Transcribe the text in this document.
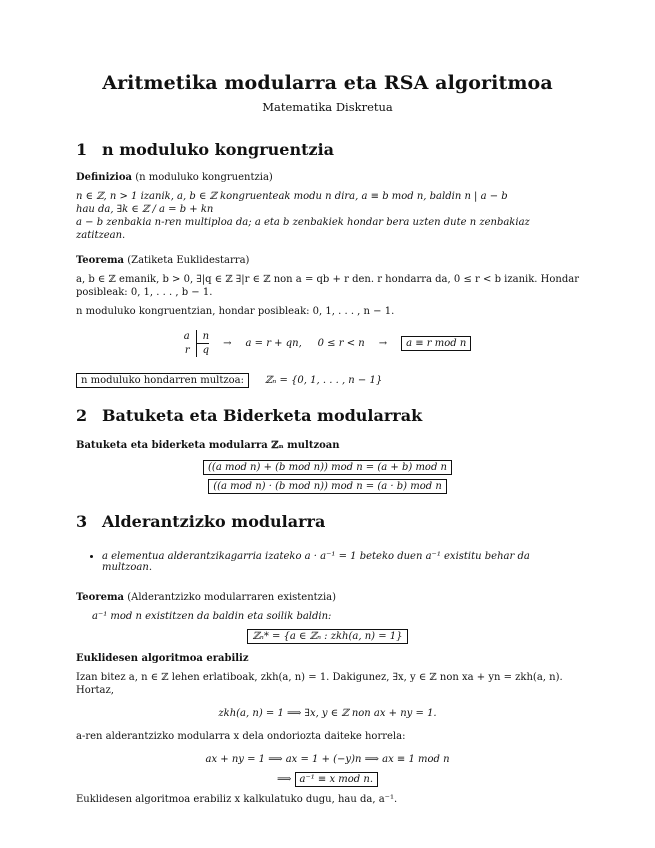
Aritmetika modularra eta RSA algoritmoa
Matematika Diskretua
1 n moduluko kongruentzia

Definizioa (n moduluko kongruentzia)

n ∈ ℤ, n > 1 izanik, a, b ∈ ℤ kongruenteak modu n dira, a ≡ b mod n, baldin n | a − b

hau da, ∃k ∈ ℤ / a = b + kn

a − b zenbakia n-ren multiploa da; a eta b zenbakiek hondar bera uzten dute n zenbakiaz zatitzean.

Teorema (Zatiketa Euklidestarra)

a, b ∈ ℤ emanik, b > 0, ∃|q ∈ ℤ ∃|r ∈ ℤ non a = qb + r den. r hondarra da, 0 ≤ r < b izanik. Hondar posibleak: 0, 1, . . . , b − 1.

n moduluko kongruentzian, hondar posibleak: 0, 1, . . . , n − 1.

a	n
r	q
→ a = r + qn,     0 ≤ r < n →	a ≡ r mod n
n moduluko hondarren multzoa:	ℤₙ = {0, 1, . . . , n − 1}
2 Batuketa eta Biderketa modularrak

Batuketa eta biderketa modularra ℤₙ multzoan

((a mod n) + (b mod n)) mod n = (a + b) mod n
((a mod n) · (b mod n)) mod n = (a · b) mod n
3 Alderantzizko modularra
• a elementua alderantzikagarria izateko a · a⁻¹ = 1 beteko duen a⁻¹ existitu behar da multzoan.

Teorema (Alderantzizko modularraren existentzia)

a⁻¹ mod n existitzen da baldin eta soilik baldin:

ℤₙ* = {a ∈ ℤₙ : zkh(a, n) = 1}

Euklidesen algoritmoa erabiliz

Izan bitez a, n ∈ ℤ lehen erlatiboak, zkh(a, n) = 1. Dakigunez, ∃x, y ∈ ℤ non xa + yn = zkh(a, n). Hortaz,

zkh(a, n) = 1 ⟹ ∃x, y ∈ ℤ non ax + ny = 1.

a-ren alderantzizko modularra x dela ondoriozta daiteke horrela:

ax + ny = 1 ⟹ ax = 1 + (−y)n ⟹ ax ≡ 1 mod n

⟹ a⁻¹ ≡ x mod n.

Euklidesen algoritmoa erabiliz x kalkulatuko dugu, hau da, a⁻¹.
